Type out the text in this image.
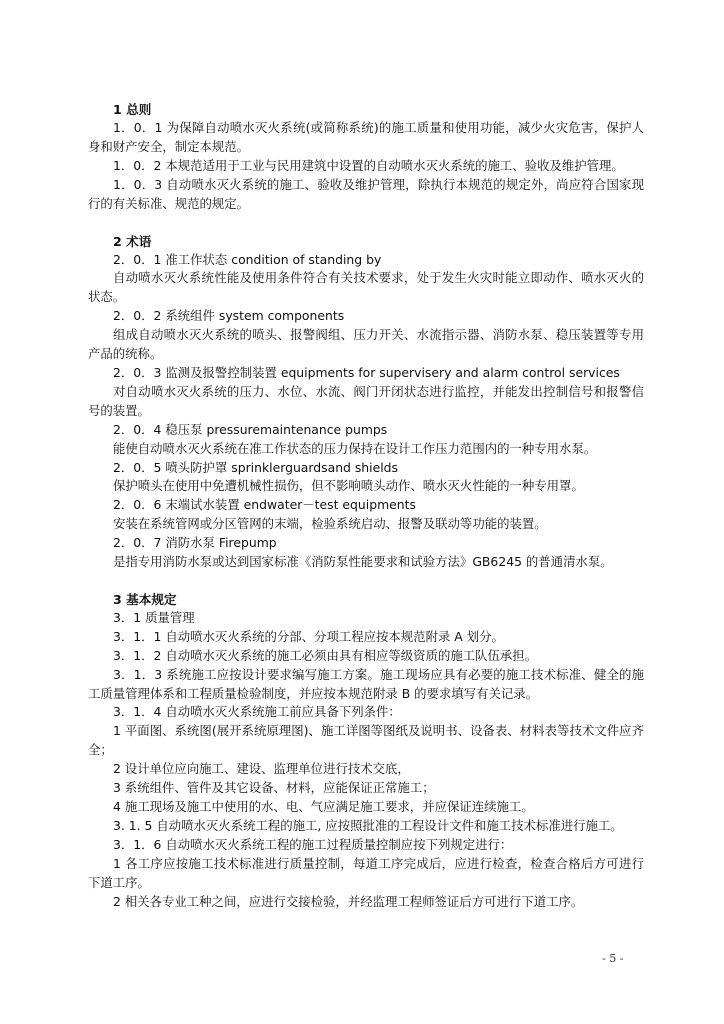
1 总则

1．0．1 为保障自动喷水灭火系统(或简称系统)的施工质量和使用功能，减少火灾危害，保护人身和财产安全，制定本规范。

1．0．2 本规范适用于工业与民用建筑中设置的自动喷水灭火系统的施工、验收及维护管理。

1．0．3 自动喷水灭火系统的施工、验收及维护管理，除执行本规范的规定外，尚应符合国家现行的有关标准、规范的规定。

2 术语

2．0．1 准工作状态 condition of standing by

自动喷水灭火系统性能及使用条件符合有关技术要求，处于发生火灾时能立即动作、喷水灭火的状态。

2．0．2 系统组件 system components

组成自动喷水灭火系统的喷头、报警阀组、压力开关、水流指示器、消防水泵、稳压装置等专用产品的统称。

2．0．3 监测及报警控制装置 equipments for supervisery and alarm control services

对自动喷水灭火系统的压力、水位、水流、阀门开闭状态进行监控，并能发出控制信号和报警信号的装置。

2．0．4 稳压泵 pressuremaintenance pumps

能使自动喷水灭火系统在准工作状态的压力保持在设计工作压力范围内的一种专用水泵。

2．0．5 喷头防护罩 sprinklerguardsand shields

保护喷头在使用中免遭机械性损伤，但不影响喷头动作、喷水灭火性能的一种专用罩。

2．0．6 末端试水装置 endwater－test equipments

安装在系统管网或分区管网的末端，检验系统启动、报警及联动等功能的装置。

2．0．7 消防水泵 Firepump

是指专用消防水泵或达到国家标准《消防泵性能要求和试验方法》GB6245 的普通清水泵。

3 基本规定

3．1 质量管理

3．1．1 自动喷水灭火系统的分部、分项工程应按本规范附录 A 划分。

3．1．2 自动喷水灭火系统的施工必须由具有相应等级资质的施工队伍承担。

3．1．3 系统施工应按设计要求编写施工方案。施工现场应具有必要的施工技术标准、健全的施工质量管理体系和工程质量检验制度，并应按本规范附录 B 的要求填写有关记录。

3．1．4 自动喷水灭火系统施工前应具备下列条件：

1 平面图、系统图(展开系统原理图)、施工详图等图纸及说明书、设备表、材料表等技术文件应齐全；

2 设计单位应向施工、建设、监理单位进行技术交底，

3 系统组件、管件及其它设备、材料，应能保证正常施工；

4 施工现场及施工中使用的水、电、气应满足施工要求，并应保证连续施工。

3. 1. 5 自动喷水灭火系统工程的施工, 应按照批准的工程设计文件和施工技术标准进行施工。

3．1．6 自动喷水灭火系统工程的施工过程质量控制应按下列规定进行：

1 各工序应按施工技术标准进行质量控制，每道工序完成后，应进行检查，检查合格后方可进行下道工序。

2 相关各专业工种之间，应进行交接检验，并经监理工程师签证后方可进行下道工序。

- 5 -
